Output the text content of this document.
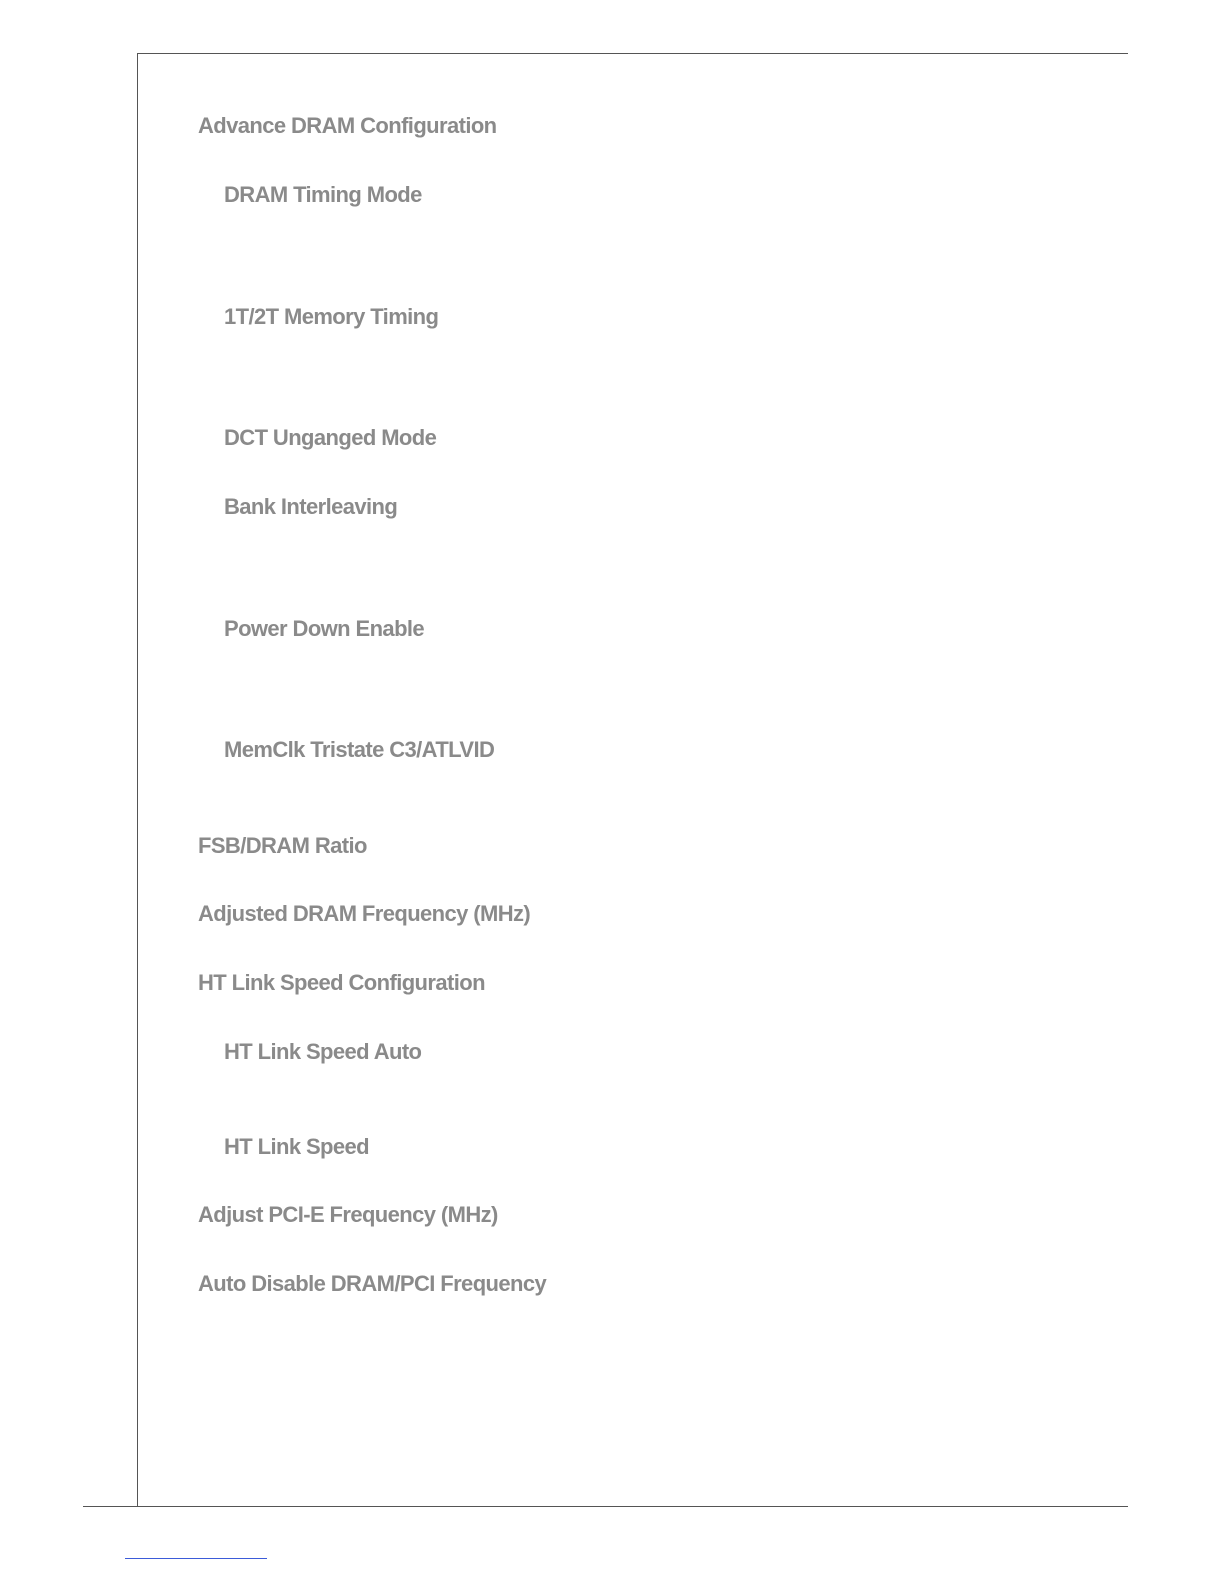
Advance DRAM Configuration

DRAM Timing Mode

1T/2T Memory Timing

DCT Unganged Mode

Bank Interleaving

Power Down Enable

MemClk Tristate C3/ATLVID

FSB/DRAM Ratio

Adjusted DRAM Frequency (MHz)

HT Link Speed Configuration

HT Link Speed Auto

HT Link Speed

Adjust PCI-E Frequency (MHz)

Auto Disable DRAM/PCI Frequency
